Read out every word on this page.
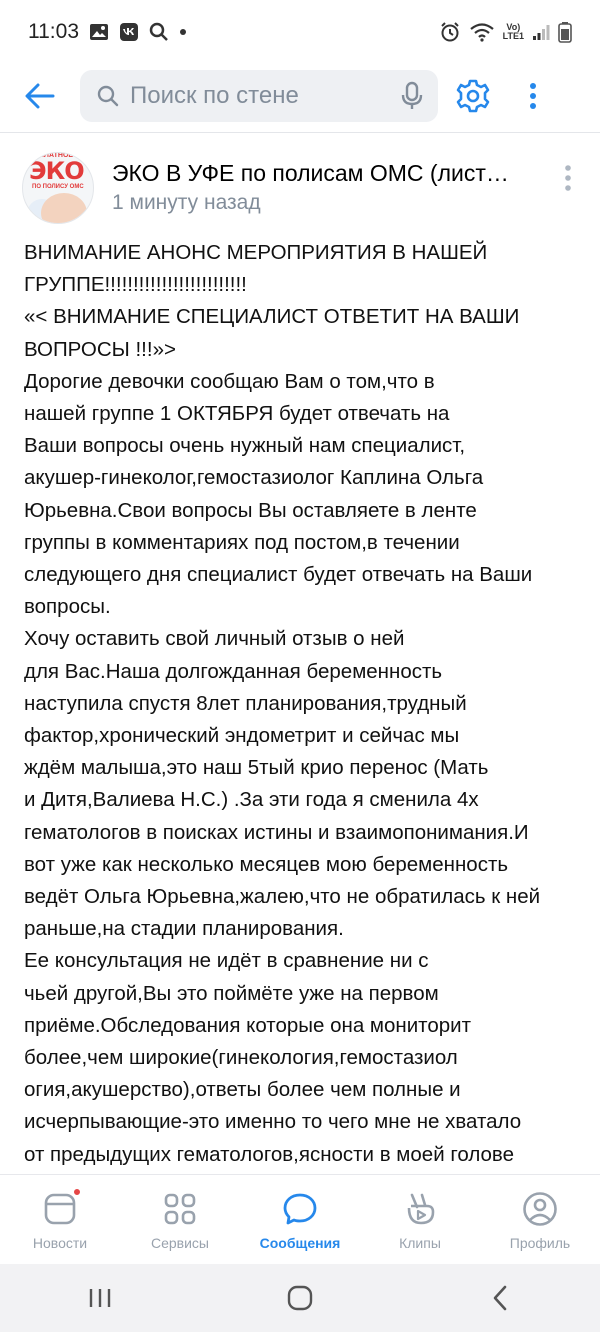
11:03	Vo)
LTE1
Поиск по стене
ПЛАТНОЕ
ЭКО
ПО ПОЛИСУ ОМС
ЭКО В УФЕ по полисам ОМС (лист…
1 минуту назад
ВНИМАНИЕ АНОНС МЕРОПРИЯТИЯ В НАШЕЙ
ГРУППЕ!!!!!!!!!!!!!!!!!!!!!!!!!
«< ВНИМАНИЕ СПЕЦИАЛИСТ ОТВЕТИТ НА ВАШИ
ВОПРОСЫ !!!»>
Дорогие девочки сообщаю Вам о том,что в
нашей группе 1 ОКТЯБРЯ будет отвечать на
Ваши вопросы очень нужный нам специалист,
акушер-гинеколог,гемостазиолог Каплина Ольга
Юрьевна.Свои вопросы Вы оставляете в ленте
группы в комментариях под постом,в течении
следующего дня специалист будет отвечать на Ваши
вопросы.
Хочу оставить свой личный отзыв о ней
для Вас.Наша долгожданная беременность
наступила спустя 8лет планирования,трудный
фактор,хронический эндометрит и сейчас мы
ждём малыша,это наш 5тый крио перенос (Мать
и Дитя,Валиева Н.С.) .За эти года я сменила 4х
гематологов в поисках истины и взаимопонимания.И
вот уже как несколько месяцев мою беременность
ведёт Ольга Юрьевна,жалею,что не обратилась к ней
раньше,на стадии планирования.
Ее консультация не идёт в сравнение ни с
чьей другой,Вы это поймёте уже на первом
приёме.Обследования которые она мониторит
более,чем широкие(гинекология,гемостазиол
огия,акушерство),ответы более чем полные и
исчерпывающие-это именно то чего мне не хватало
от предыдущих гематологов,ясности в моей голове

Новости	Сервисы	Сообщения	Клипы	Профиль
